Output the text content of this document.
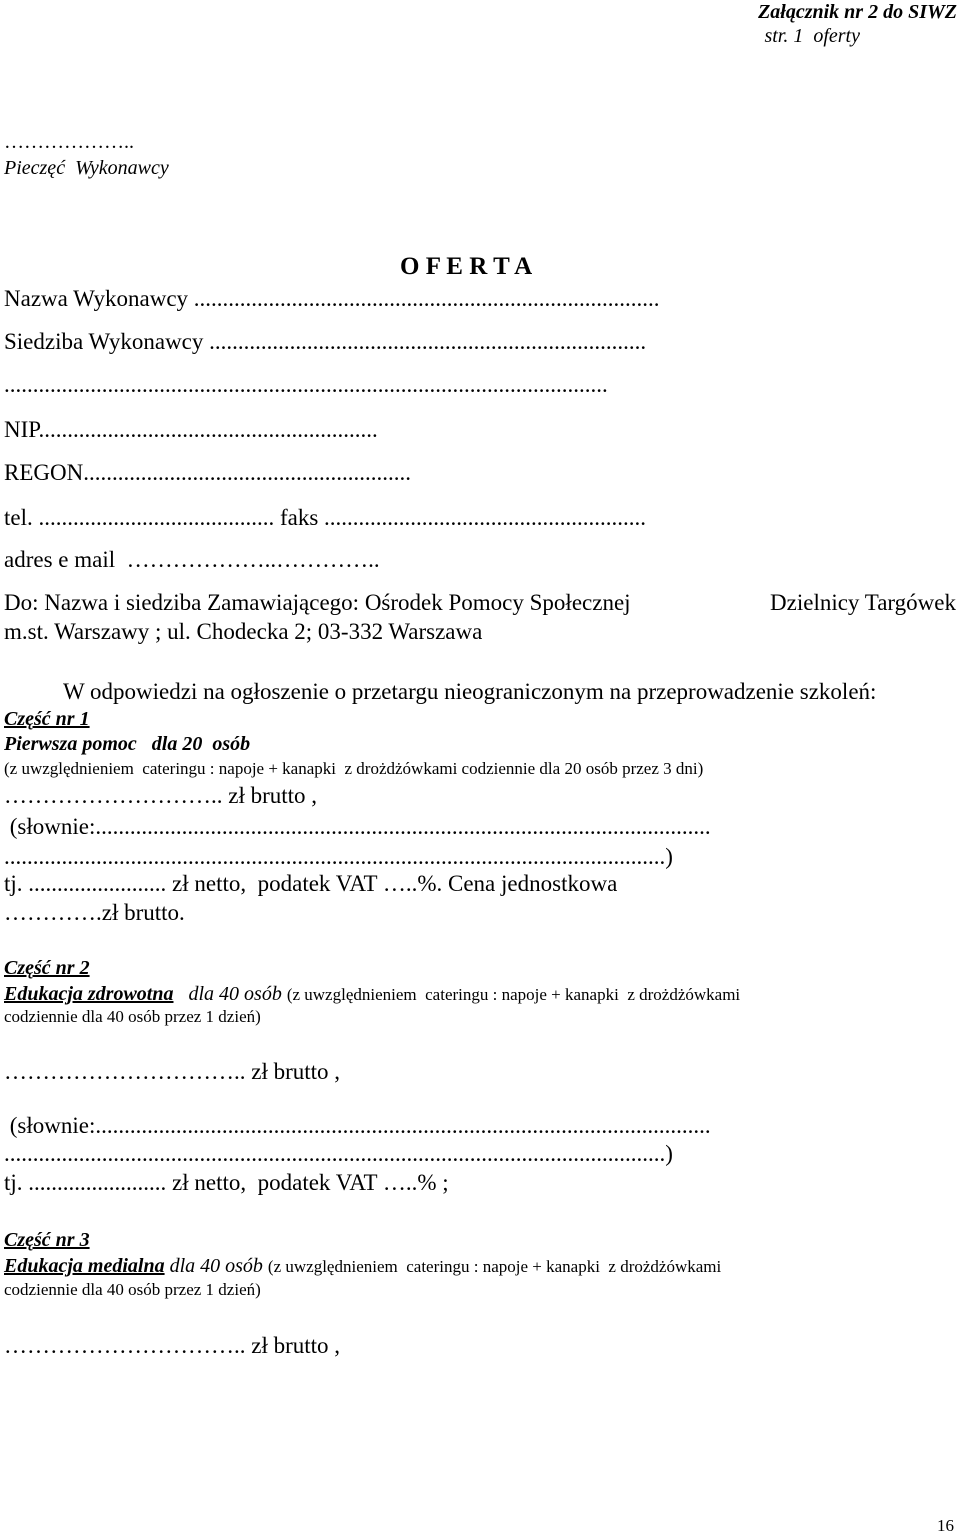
Załącznik nr 2 do SIWZ
str. 1  oferty
………………..
Pieczęć  Wykonawcy
O F E R T A
Nazwa Wykonawcy .................................................................................
Siedziba Wykonawcy ............................................................................
.........................................................................................................
NIP...........................................................
REGON.........................................................
tel. ......................................... faks ........................................................
adres e mail  ………………..…………..
Do: Nazwa i siedziba Zamawiającego: Ośrodek Pomocy Społecznej	Dzielnicy Targówek
m.st. Warszawy ; ul. Chodecka 2; 03-332 Warszawa
W odpowiedzi na ogłoszenie o przetargu nieograniczonym na przeprowadzenie szkoleń:
Część nr 1
Pierwsza pomoc   dla 20  osób
(z uwzględnieniem  cateringu : napoje + kanapki  z drożdżówkami codziennie dla 20 osób przez 3 dni)
……………………….. zł brutto ,
(słownie:...........................................................................................................
...................................................................................................................)
tj. ........................ zł netto,  podatek VAT …..%. Cena jednostkowa
………….zł brutto.
Część nr 2
Edukacja zdrowotna dla 40 osób (z uwzględnieniem  cateringu : napoje + kanapki  z drożdżówkami
codziennie dla 40 osób przez 1 dzień)
………………………….. zł brutto ,
(słownie:...........................................................................................................
...................................................................................................................)
tj. ........................ zł netto,  podatek VAT …..% ;
Część nr 3
Edukacja medialna dla 40 osób (z uwzględnieniem  cateringu : napoje + kanapki  z drożdżówkami
codziennie dla 40 osób przez 1 dzień)
………………………….. zł brutto ,
16
